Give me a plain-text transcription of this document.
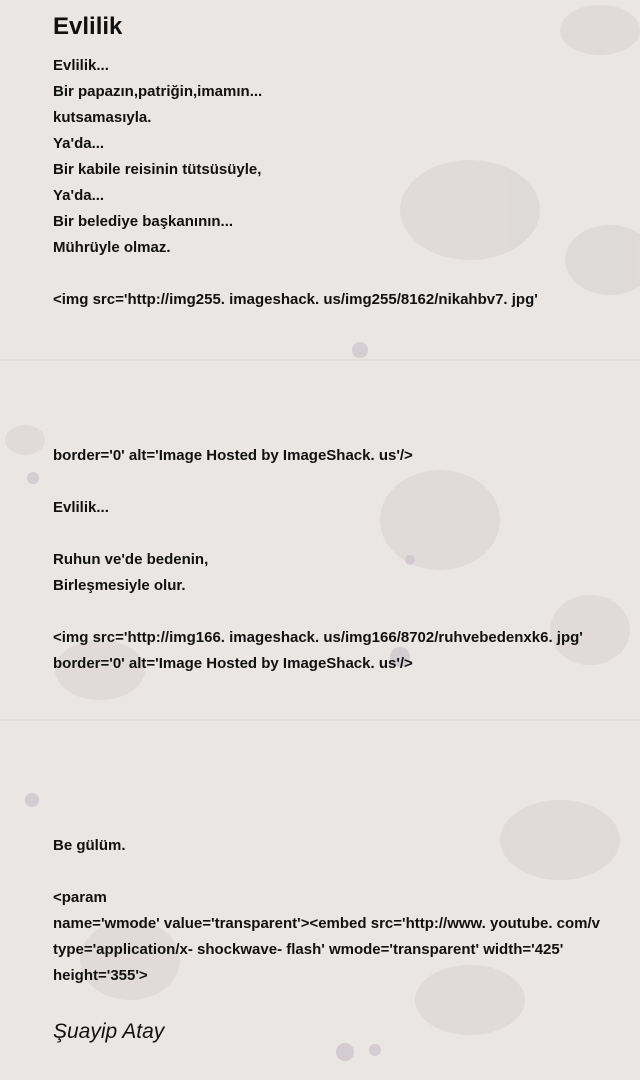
Evlilik
Evlilik...
Bir papazın,patriğin,imamın...
kutsamasıyla.
Ya'da...
Bir kabile reisinin tütsüsüyle,
Ya'da...
Bir belediye başkanının...
Mührüyle olmaz.
<img src='http://img255. imageshack. us/img255/8162/nikahbv7. jpg'
border='0' alt='Image Hosted by ImageShack. us'/>
Evlilik...
Ruhun ve'de bedenin,
Birleşmesiyle olur.
<img src='http://img166. imageshack. us/img166/8702/ruhvebedenxk6. jpg'
border='0' alt='Image Hosted by ImageShack. us'/>
Be gülüm.
<param
name='wmode' value='transparent'><embed src='http://www. youtube. com/v
type='application/x- shockwave- flash' wmode='transparent' width='425'
height='355'>
Şuayip Atay
